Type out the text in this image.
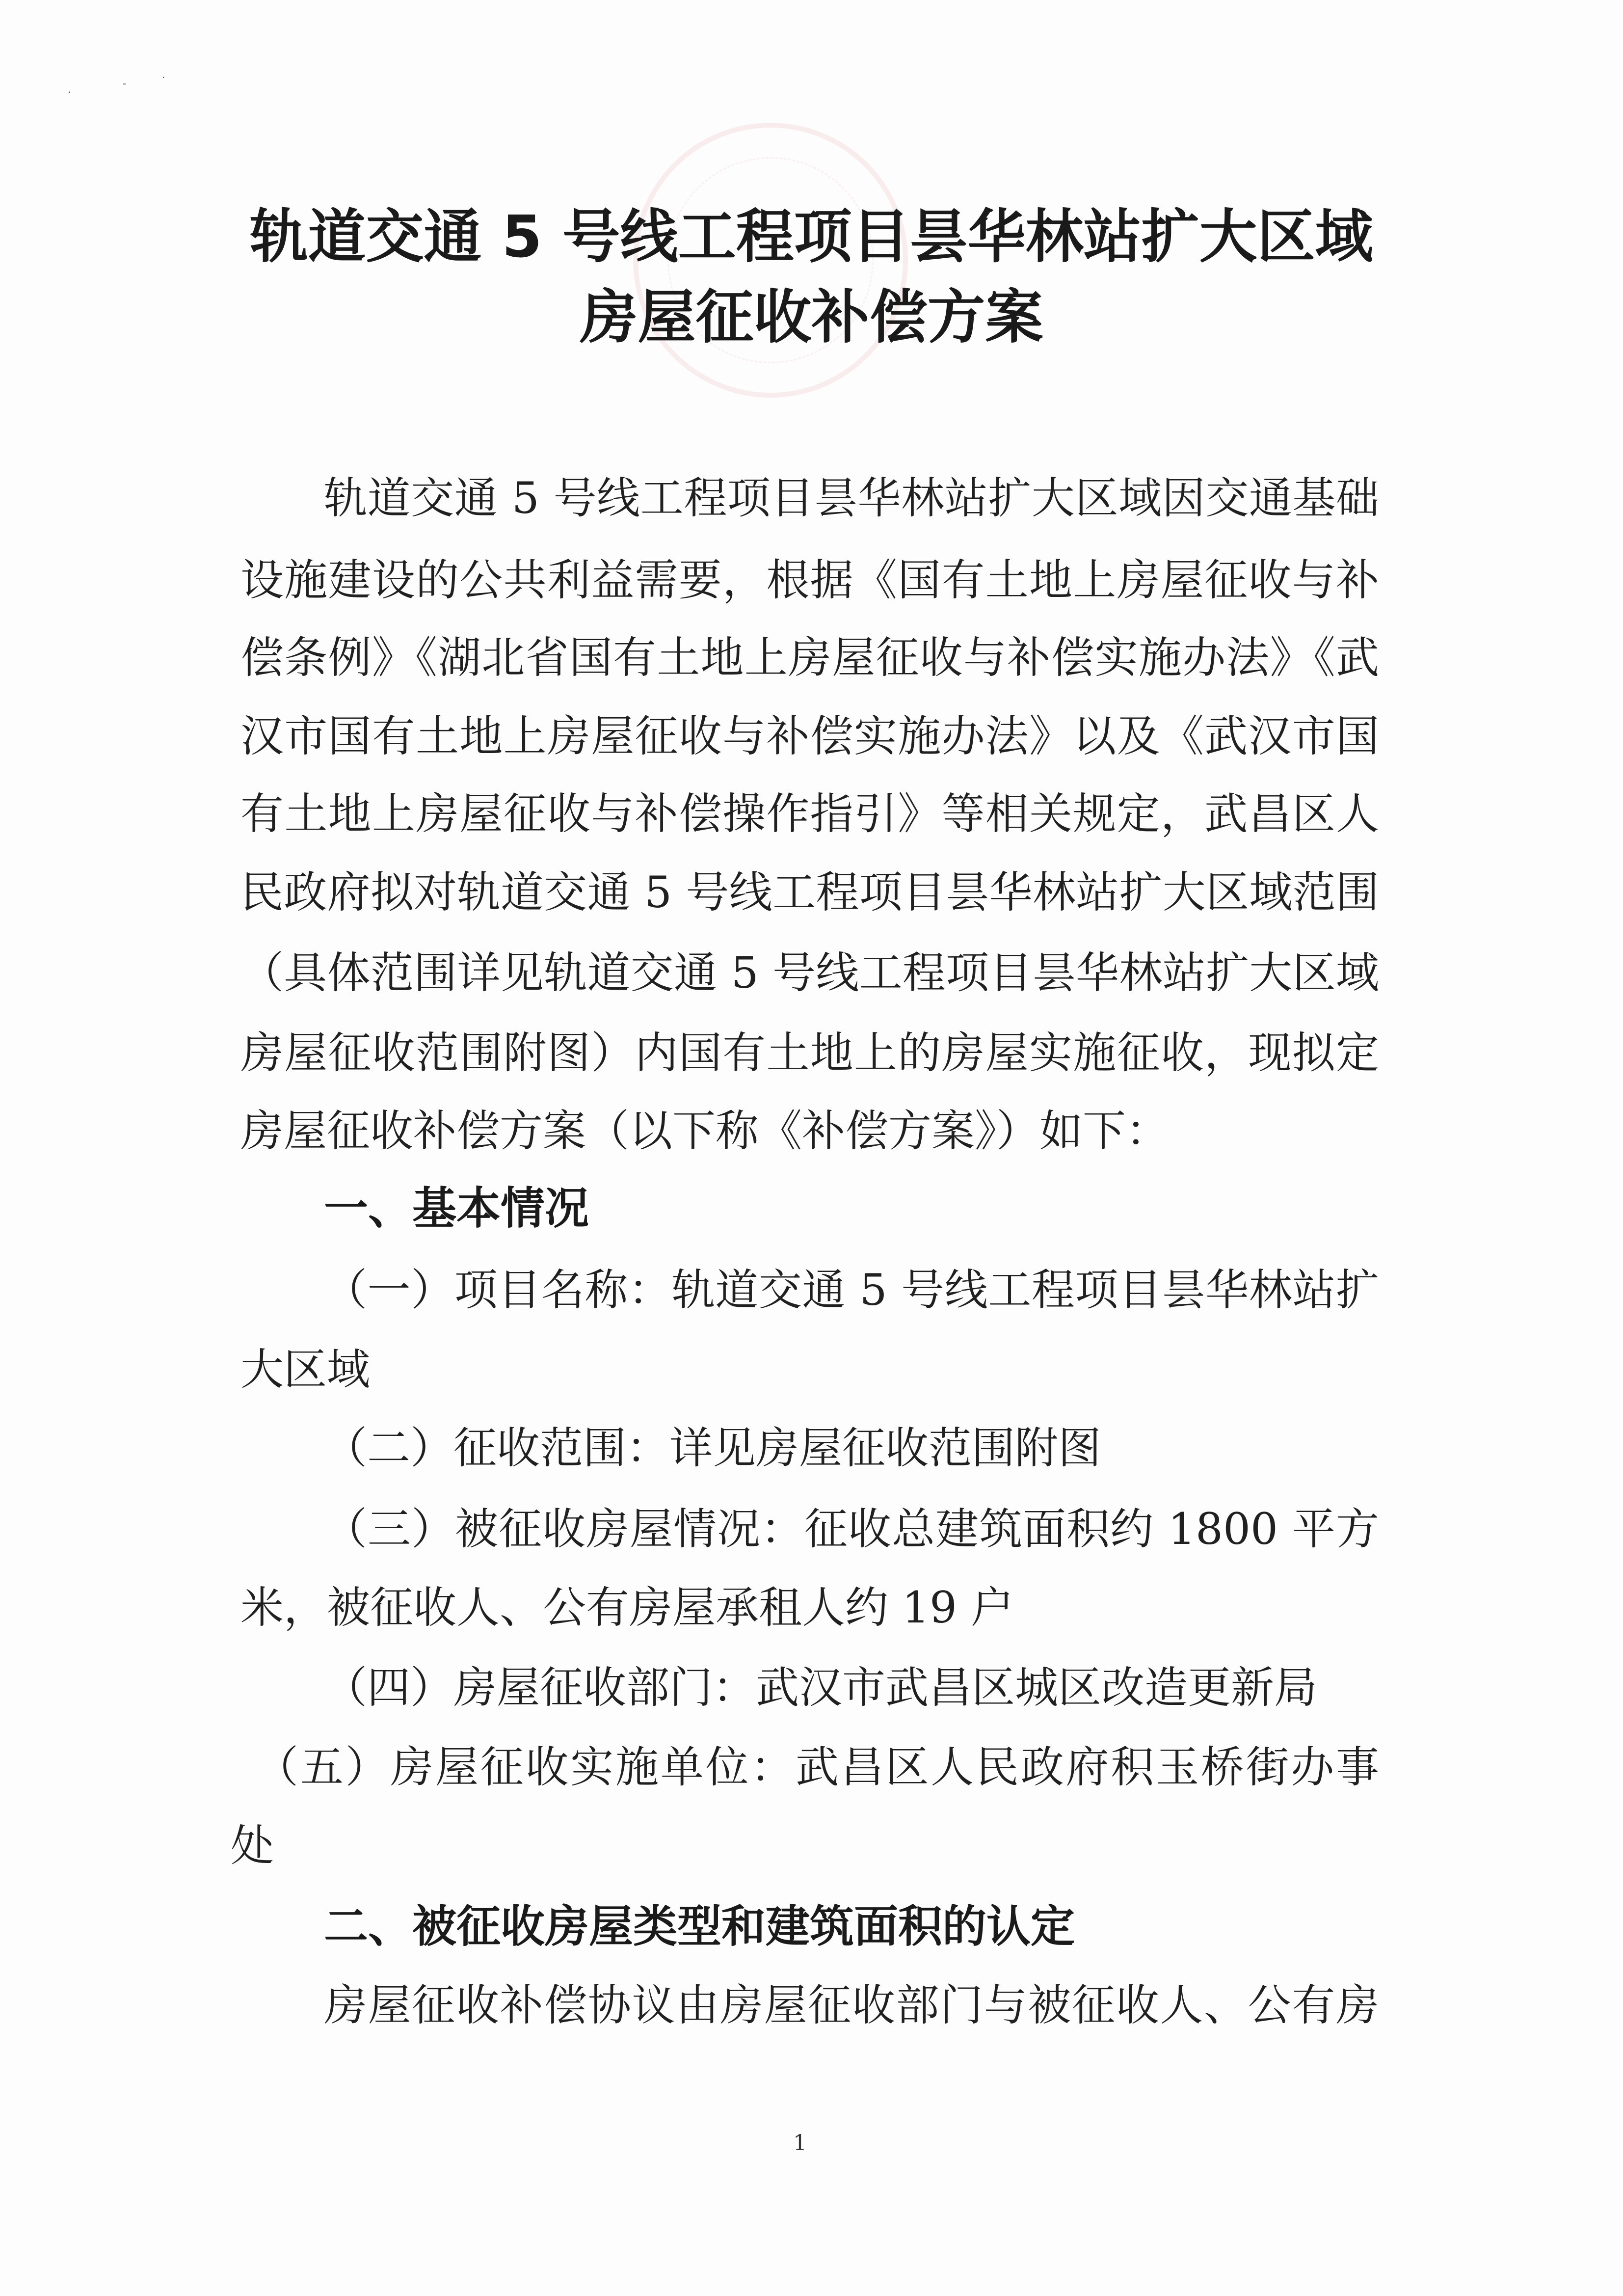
·
-	·
轨道交通 5 号线工程项目昙华林站扩大区域
房屋征收补偿方案
轨道交通 5 号线工程项目昙华林站扩大区域因交通基础
设施建设的公共利益需要，根据《国有土地上房屋征收与补
偿条例》《湖北省国有土地上房屋征收与补偿实施办法》《武
汉市国有土地上房屋征收与补偿实施办法》以及《武汉市国
有土地上房屋征收与补偿操作指引》等相关规定，武昌区人
民政府拟对轨道交通 5 号线工程项目昙华林站扩大区域范围
（具体范围详见轨道交通 5 号线工程项目昙华林站扩大区域
房屋征收范围附图）内国有土地上的房屋实施征收，现拟定
房屋征收补偿方案（以下称《补偿方案》）如下：
一、基本情况
（一）项目名称：轨道交通 5 号线工程项目昙华林站扩
大区域
（二）征收范围：详见房屋征收范围附图
（三）被征收房屋情况：征收总建筑面积约 1800 平方
米，被征收人、公有房屋承租人约 19 户
（四）房屋征收部门：武汉市武昌区城区改造更新局
（五）房屋征收实施单位：武昌区人民政府积玉桥街办事
处
二、被征收房屋类型和建筑面积的认定
房屋征收补偿协议由房屋征收部门与被征收人、公有房
1
